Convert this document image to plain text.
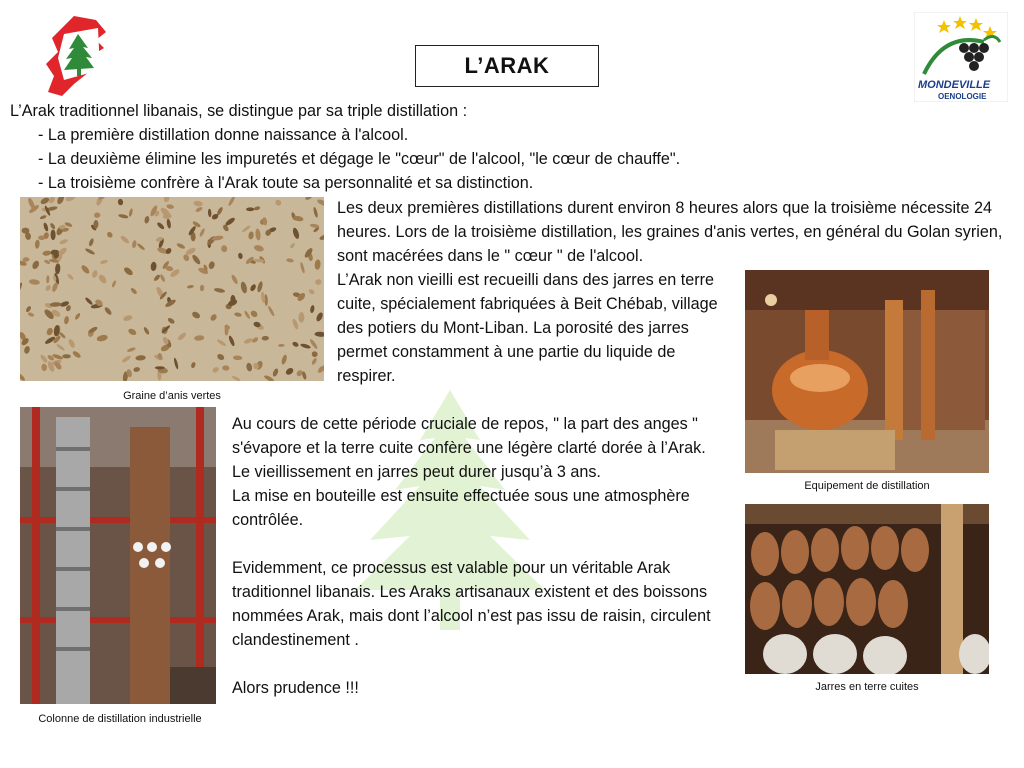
L’ARAK
MONDEVILLE
OENOLOGIE
L’Arak traditionnel libanais, se distingue par sa triple distillation :
- La première distillation donne naissance à l'alcool.
- La deuxième élimine les impuretés et dégage le "cœur" de l'alcool, "le cœur de chauffe".
- La troisième confrère à l'Arak toute sa personnalité et sa distinction.
Graine d’anis vertes
Les deux premières distillations durent environ 8 heures alors que la troisième nécessite 24 heures. Lors de la troisième distillation, les graines d'anis vertes, en général du Golan syrien, sont macérées dans le " cœur " de l'alcool.
L’Arak non vieilli est recueilli dans des jarres en terre cuite, spécialement fabriquées à Beit Chébab, village des potiers du Mont-Liban. La porosité des jarres permet constamment à une partie du liquide de respirer.
Equipement de distillation
Colonne de distillation industrielle
Au cours de cette période cruciale de repos, " la part des anges " s'évapore et la terre cuite confère une légère clarté dorée à l’Arak.
Le vieillissement en jarres peut durer jusqu’à 3 ans.
La mise en bouteille est ensuite effectuée sous une atmosphère contrôlée.
Evidemment, ce processus est valable pour un véritable Arak traditionnel libanais. Les Araks artisanaux existent et des boissons nommées Arak, mais dont l’alcool n’est pas issu de raisin, circulent clandestinement .
Alors prudence !!!	Jarres en terre cuites
